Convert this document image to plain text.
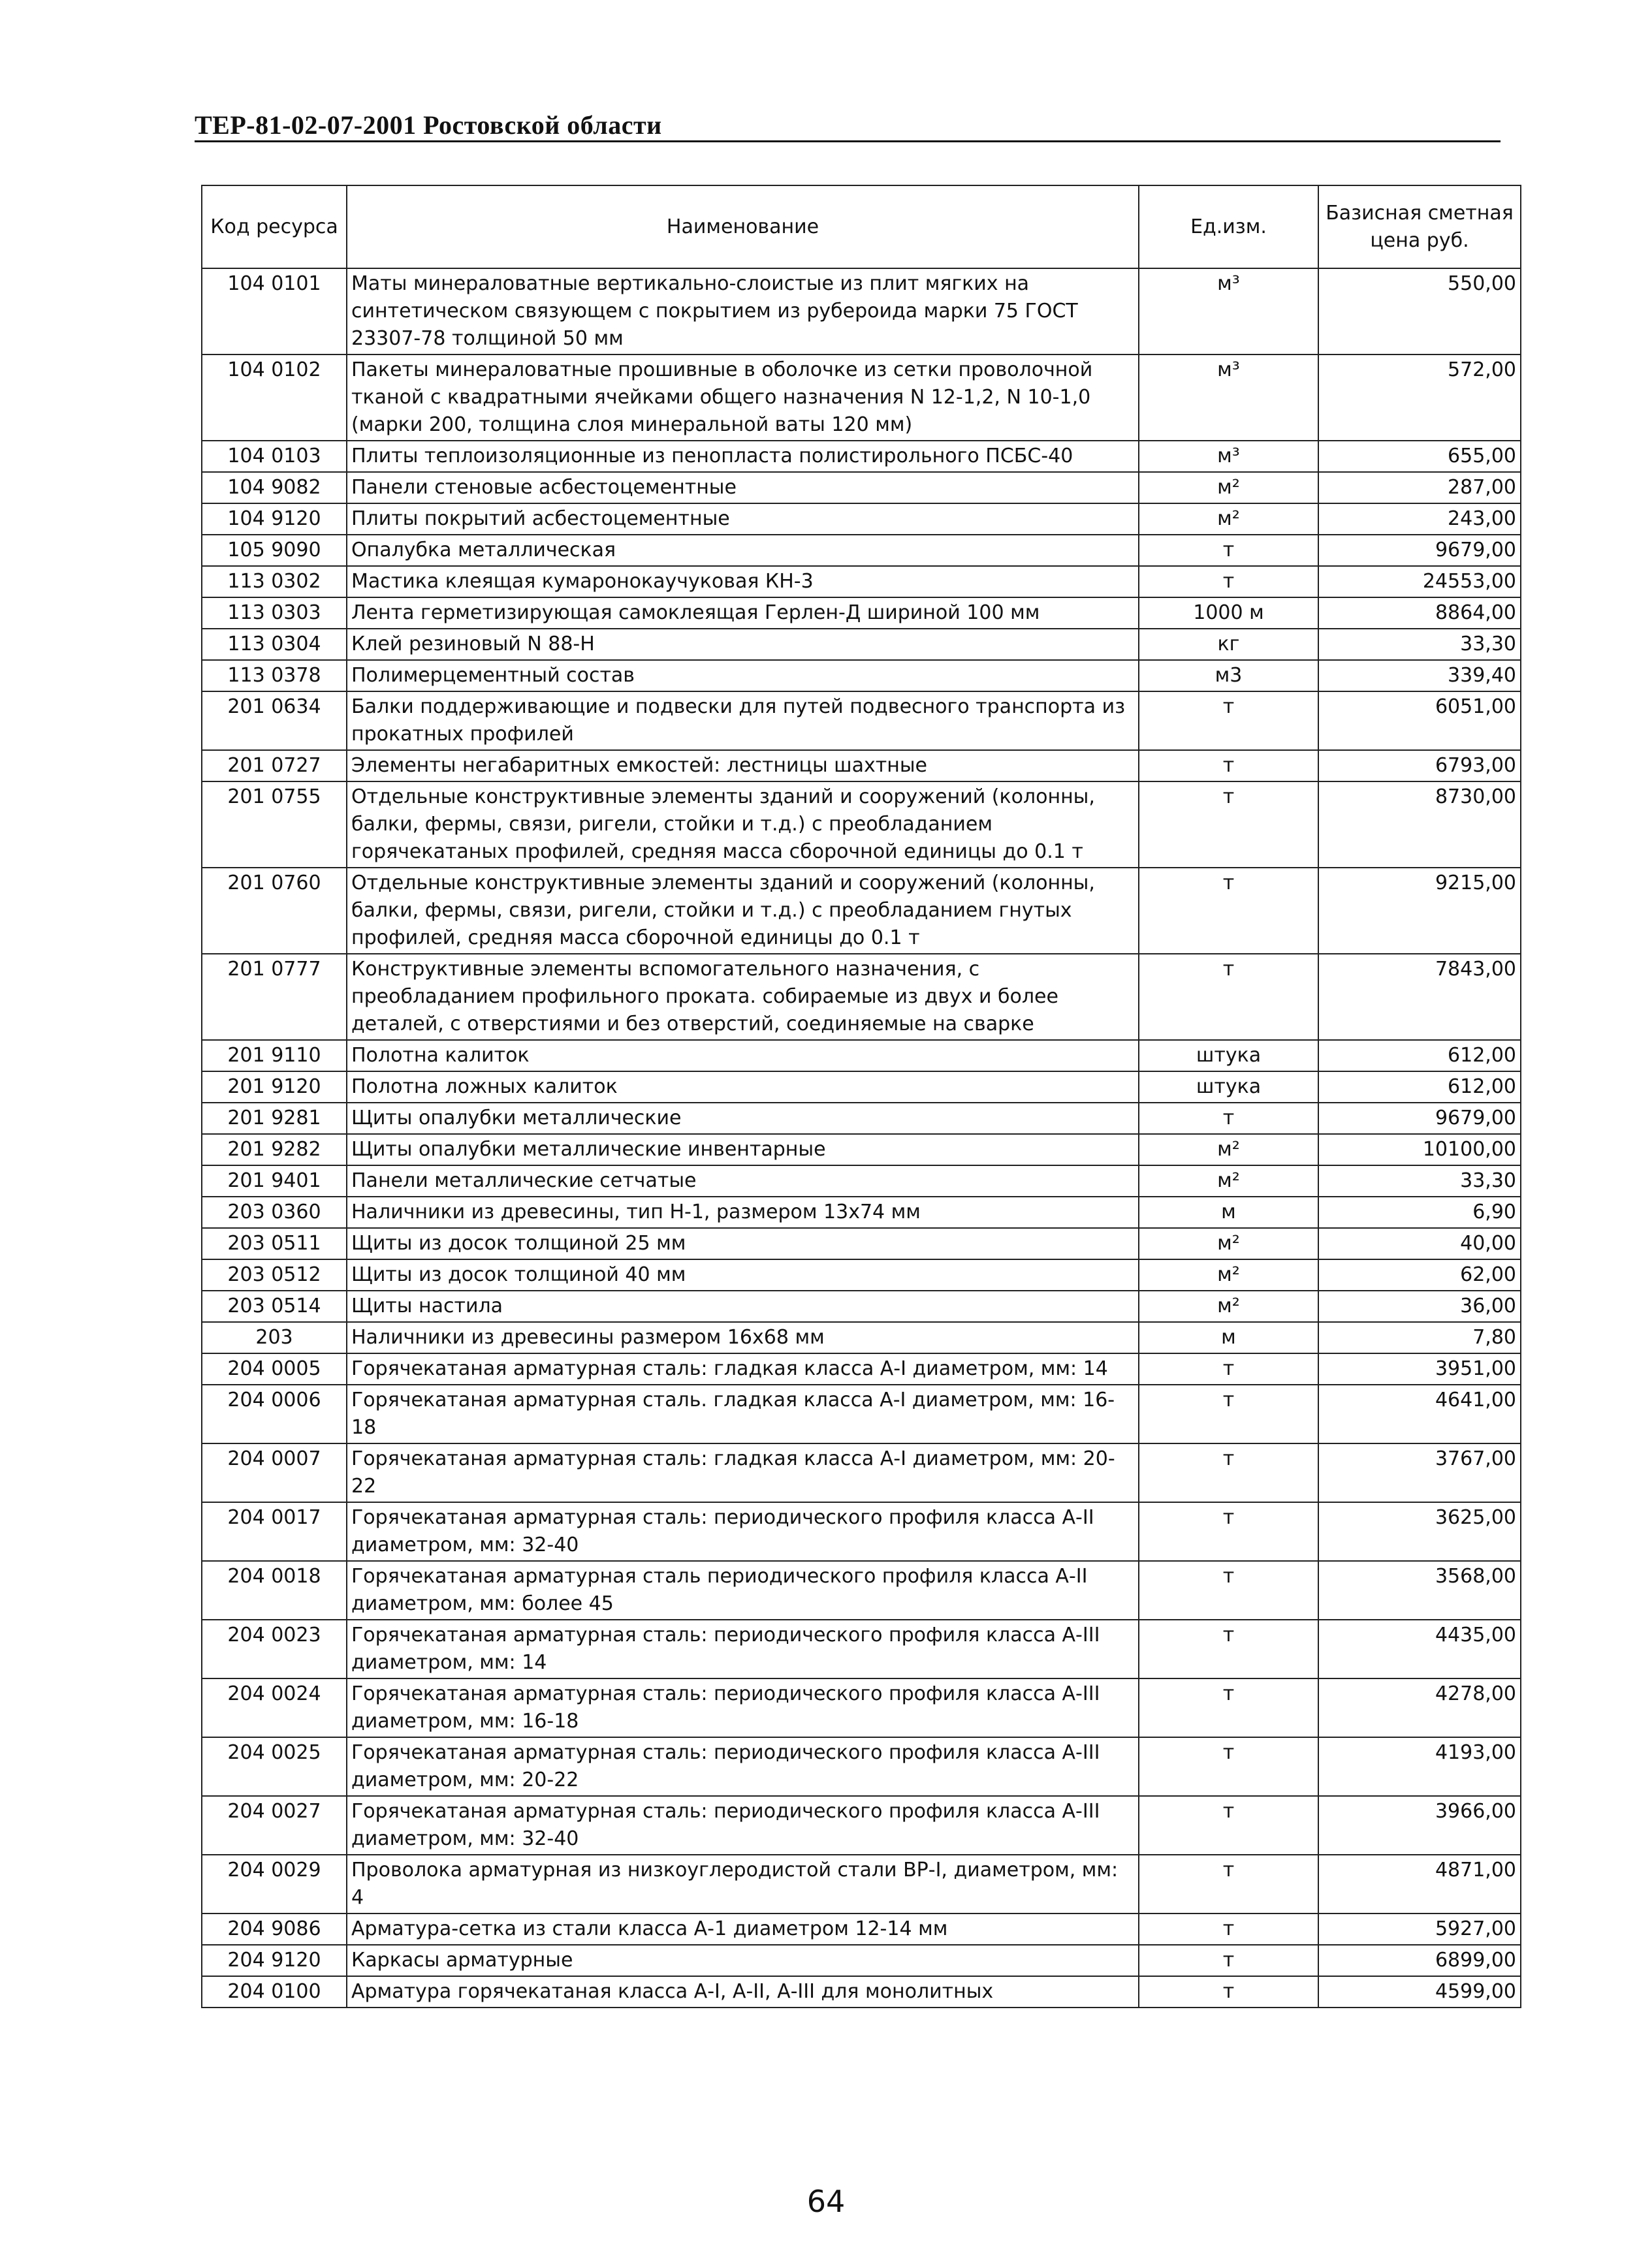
ТЕР-81-02-07-2001 Ростовской области
Код ресурса	Наименование	Ед.изм.	Базисная сметная цена руб.
104 0101	Маты минераловатные вертикально-слоистые из плит мягких на синтетическом связующем с покрытием из рубероида марки 75 ГОСТ 23307-78 толщиной 50 мм	м³	550,00
104 0102	Пакеты минераловатные прошивные в оболочке из сетки проволочной тканой с квадратными ячейками общего назначения N 12-1,2, N 10-1,0 (марки 200, толщина слоя минеральной ваты 120 мм)	м³	572,00
104 0103	Плиты теплоизоляционные из пенопласта полистирольного ПСБС-40	м³	655,00
104 9082	Панели стеновые асбестоцементные	м²	287,00
104 9120	Плиты покрытий асбестоцементные	м²	243,00
105 9090	Опалубка металлическая	т	9679,00
113 0302	Мастика клеящая кумаронокаучуковая КН-3	т	24553,00
113 0303	Лента герметизирующая самоклеящая Герлен-Д шириной 100 мм	1000 м	8864,00
113 0304	Клей резиновый N 88-Н	кг	33,30
113 0378	Полимерцементный состав	м3	339,40
201 0634	Балки поддерживающие и подвески для путей подвесного транспорта из прокатных профилей	т	6051,00
201 0727	Элементы негабаритных емкостей: лестницы шахтные	т	6793,00
201 0755	Отдельные конструктивные элементы зданий и сооружений (колонны, балки, фермы, связи, ригели, стойки и т.д.) с преобладанием горячекатаных профилей, средняя масса сборочной единицы до 0.1 т	т	8730,00
201 0760	Отдельные конструктивные элементы зданий и сооружений (колонны, балки, фермы, связи, ригели, стойки и т.д.) с преобладанием гнутых профилей, средняя масса сборочной единицы до 0.1 т	т	9215,00
201 0777	Конструктивные элементы вспомогательного назначения, с преобладанием профильного проката. собираемые из двух и более деталей, с отверстиями и без отверстий, соединяемые на сварке	т	7843,00
201 9110	Полотна калиток	штука	612,00
201 9120	Полотна ложных калиток	штука	612,00
201 9281	Щиты опалубки металлические	т	9679,00
201 9282	Щиты опалубки металлические инвентарные	м²	10100,00
201 9401	Панели металлические сетчатые	м²	33,30
203 0360	Наличники из древесины, тип Н-1, размером 13х74 мм	м	6,90
203 0511	Щиты из досок толщиной 25 мм	м²	40,00
203 0512	Щиты из досок толщиной 40 мм	м²	62,00
203 0514	Щиты настила	м²	36,00
203	Наличники из древесины размером 16х68 мм	м	7,80
204 0005	Горячекатаная арматурная сталь: гладкая класса А-I диаметром, мм: 14	т	3951,00
204 0006	Горячекатаная арматурная сталь. гладкая класса А-I диаметром, мм: 16-18	т	4641,00
204 0007	Горячекатаная арматурная сталь: гладкая класса А-I диаметром, мм: 20-22	т	3767,00
204 0017	Горячекатаная арматурная сталь: периодического профиля класса А-II диаметром, мм: 32-40	т	3625,00
204 0018	Горячекатаная арматурная сталь периодического профиля класса А-II диаметром, мм: более 45	т	3568,00
204 0023	Горячекатаная арматурная сталь: периодического профиля класса А-III диаметром, мм: 14	т	4435,00
204 0024	Горячекатаная арматурная сталь: периодического профиля класса А-III диаметром, мм: 16-18	т	4278,00
204 0025	Горячекатаная арматурная сталь: периодического профиля класса А-III диаметром, мм: 20-22	т	4193,00
204 0027	Горячекатаная арматурная сталь: периодического профиля класса А-III диаметром, мм: 32-40	т	3966,00
204 0029	Проволока арматурная из низкоуглеродистой стали ВР-I, диаметром, мм: 4	т	4871,00
204 9086	Арматура-сетка из стали класса А-1 диаметром 12-14 мм	т	5927,00
204 9120	Каркасы арматурные	т	6899,00
204 0100	Арматура горячекатаная класса А-I, А-II, А-III для монолитных	т	4599,00
64
